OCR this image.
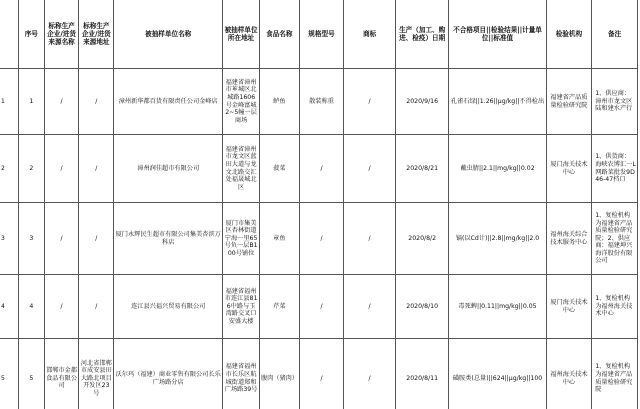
	序号	标称生产企业/进货来源名称	标称生产企业/进货来源地址	被抽样单位名称	被抽样单位所在地址	食品名称	规格型号	商标	生产（加工、购进、检疫）日期	不合格项目||检验结果||计量单位||标准值	检验机构	备注
1	1	/	/	漳州新华都百货有限责任公司金峰店	福建省漳州市芗城区北城路1606号金峰富城2~5幢一层商场	鲈鱼	散装称重	/	2020/9/16	孔雀石绿||1.26||μg/kg||不得检出	福建省产品质量检验研究院	1、供应商：漳州市龙文区陆和建水产行
2	2	/	/	漳州润佳超市有限公司	福建省漳州市龙文区蓝田大道与龙文北路交汇处福晟城北区	菠菜	/	/	2020/8/21	戴虫腈||2.1||mg/kg||0.02	厦门海关技术中心	1、供货商：海峡农博汇一L网路菜批发9D46-47档口
3	3	/	/	厦门永辉民生超市有限公司集美杏滨万科店	厦门市集美区杏林街道宁海一里65号负一层B100号铺位	章鱼	/	/	2020/8/2	镉(以Cd计)||2.8||mg/kg||2.0	福州海关综合技术服务中心	1、复检机构为福建省产品质量检验研究院；2、供应商：福建坤兴海洋股份有限公司
4	4	/	/	连江县兴福兴贸易有限公司	福建省福州市连江县816中路与玉湾路交叉口安盛大楼	芹菜	/	/	2020/8/10	毒死蜱||0.11||mg/kg||0.05	厦门海关技术中心	1、复检机构为福州海关技术中心
5	5	邯郸市金都食品有限公司	河北省邯郸市成安县田大路北项目开发区23号	沃尔玛（福建）商业零售有限公司长乐广场路分店	福建省福州市长乐区航城街道郑和广场路39号	腹肉（猪肉）	/	/	2020/8/11	磺胺类(总量)||624||μg/kg||100	福州海关技术中心	1、复检机构为福建省产品质量检验研究院
